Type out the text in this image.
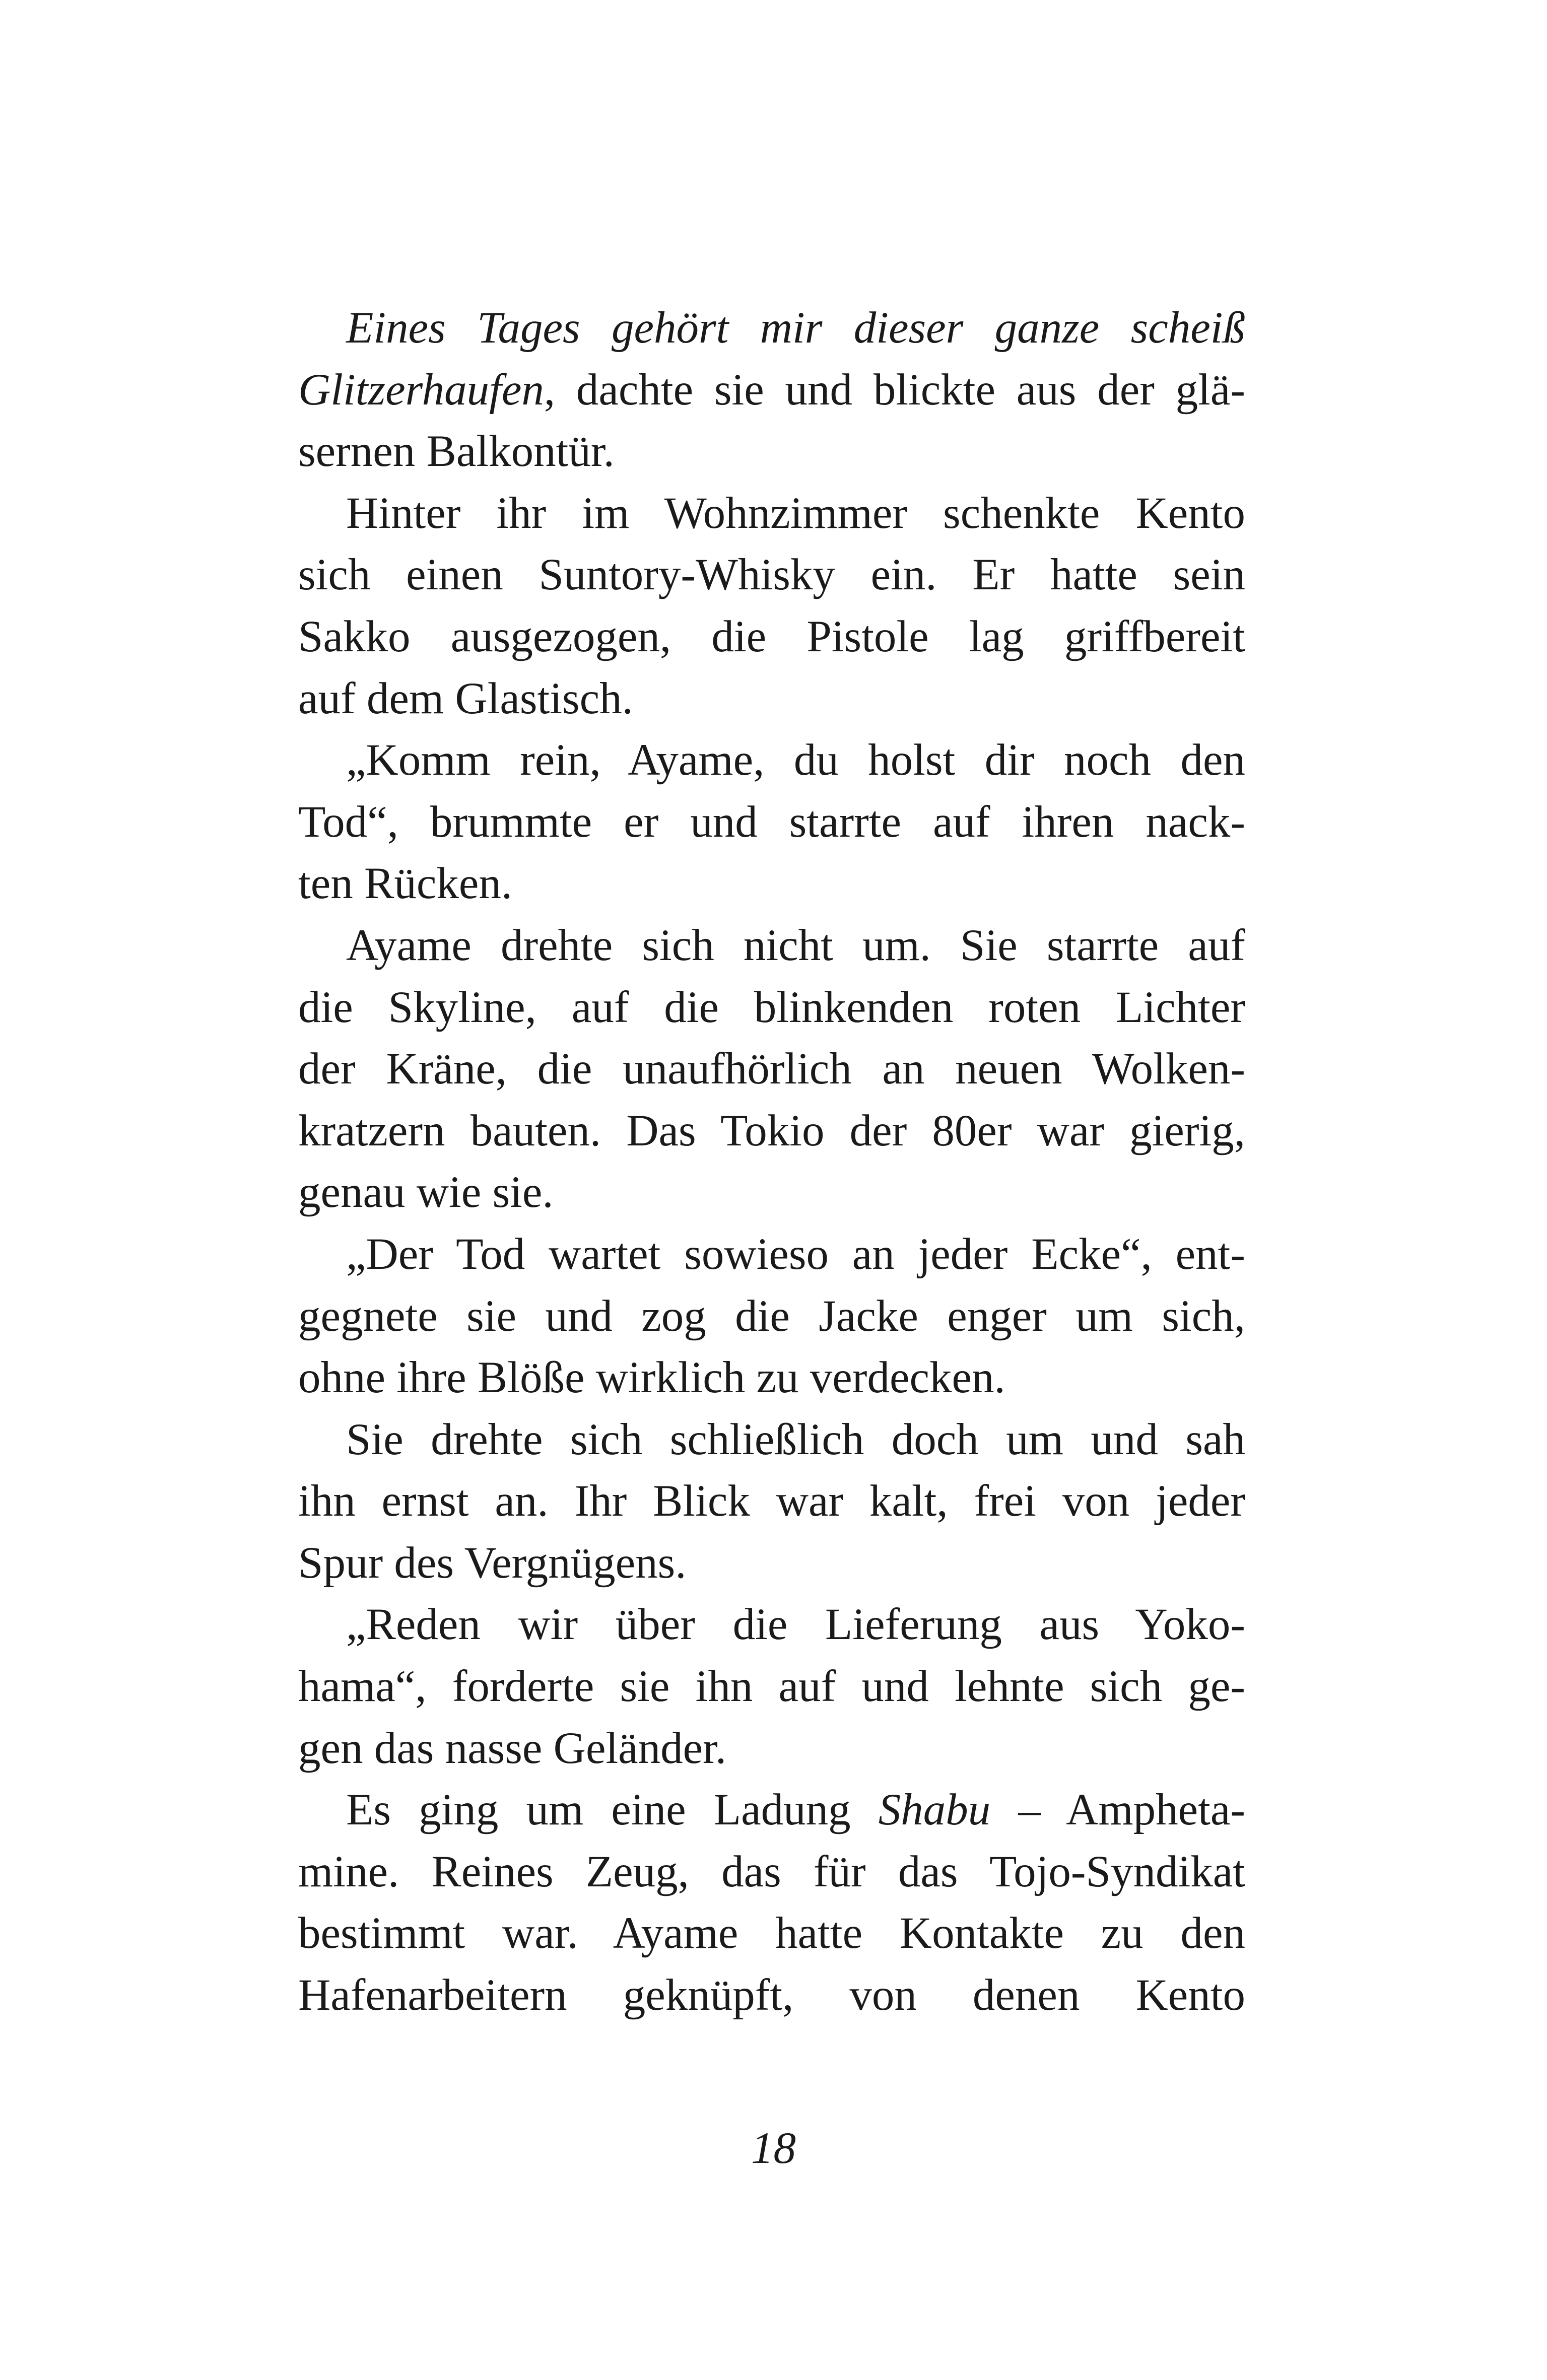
Eines Tages gehört mir dieser ganze scheiß
Glitzerhaufen, dachte sie und blickte aus der glä-
sernen Balkontür.
Hinter ihr im Wohnzimmer schenkte Kento
sich einen Suntory-Whisky ein. Er hatte sein
Sakko ausgezogen, die Pistole lag griffbereit
auf dem Glastisch.
„Komm rein, Ayame, du holst dir noch den
Tod“, brummte er und starrte auf ihren nack-
ten Rücken.
Ayame drehte sich nicht um. Sie starrte auf
die Skyline, auf die blinkenden roten Lichter
der Kräne, die unaufhörlich an neuen Wolken-
kratzern bauten. Das Tokio der 80er war gierig,
genau wie sie.
„Der Tod wartet sowieso an jeder Ecke“, ent-
gegnete sie und zog die Jacke enger um sich,
ohne ihre Blöße wirklich zu verdecken.
Sie drehte sich schließlich doch um und sah
ihn ernst an. Ihr Blick war kalt, frei von jeder
Spur des Vergnügens.
„Reden wir über die Lieferung aus Yoko-
hama“, forderte sie ihn auf und lehnte sich ge-
gen das nasse Geländer.
Es ging um eine Ladung Shabu – Ampheta-
mine. Reines Zeug, das für das Tojo-Syndikat
bestimmt war. Ayame hatte Kontakte zu den
Hafenarbeitern geknüpft, von denen Kento
18
